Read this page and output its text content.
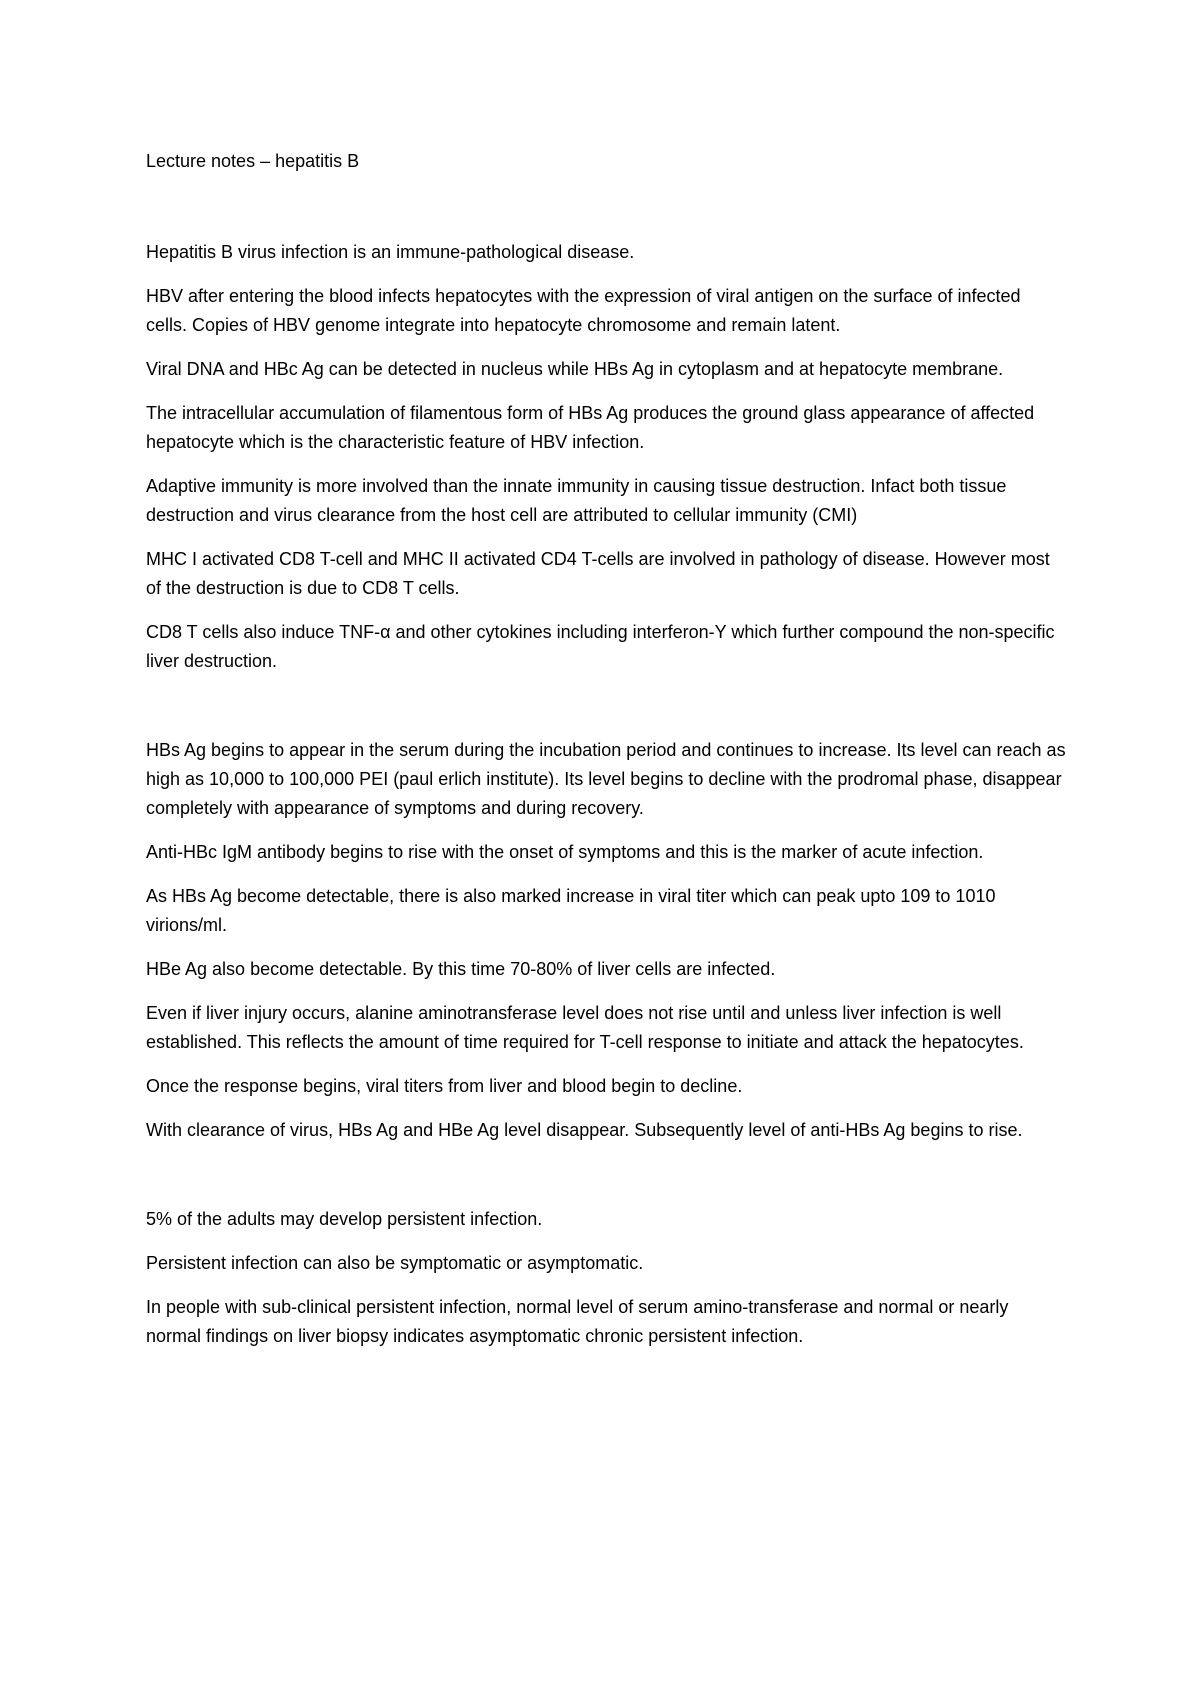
Lecture notes – hepatitis B

Hepatitis B virus infection is an immune-pathological disease.

HBV after entering the blood infects hepatocytes with the expression of viral antigen on the surface of infected cells. Copies of HBV genome integrate into hepatocyte chromosome and remain latent.

Viral DNA and HBc Ag can be detected in nucleus while HBs Ag in cytoplasm and at hepatocyte membrane.

The intracellular accumulation of filamentous form of HBs Ag produces the ground glass appearance of affected hepatocyte which is the characteristic feature of HBV infection.

Adaptive immunity is more involved than the innate immunity in causing tissue destruction. Infact both tissue destruction and virus clearance from the host cell are attributed to cellular immunity (CMI)

MHC I activated CD8 T-cell and MHC II activated CD4 T-cells are involved in pathology of disease. However most of the destruction is due to CD8 T cells.

CD8 T cells also induce TNF-α and other cytokines including interferon-Y which further compound the non-specific liver destruction.

HBs Ag begins to appear in the serum during the incubation period and continues to increase. Its level can reach as high as 10,000 to 100,000 PEI (paul erlich institute). Its level begins to decline with the prodromal phase, disappear completely with appearance of symptoms and during recovery.

Anti-HBc IgM antibody begins to rise with the onset of symptoms and this is the marker of acute infection.

As HBs Ag become detectable, there is also marked increase in viral titer which can peak upto 109 to 1010 virions/ml.

HBe Ag also become detectable. By this time 70-80% of liver cells are infected.

Even if liver injury occurs, alanine aminotransferase level does not rise until and unless liver infection is well established. This reflects the amount of time required for T-cell response to initiate and attack the hepatocytes.

Once the response begins, viral titers from liver and blood begin to decline.

With clearance of virus, HBs Ag and HBe Ag level disappear. Subsequently level of anti-HBs Ag begins to rise.

5% of the adults may develop persistent infection.

Persistent infection can also be symptomatic or asymptomatic.

In people with sub-clinical persistent infection, normal level of serum amino-transferase and normal or nearly normal findings on liver biopsy indicates asymptomatic chronic persistent infection.
